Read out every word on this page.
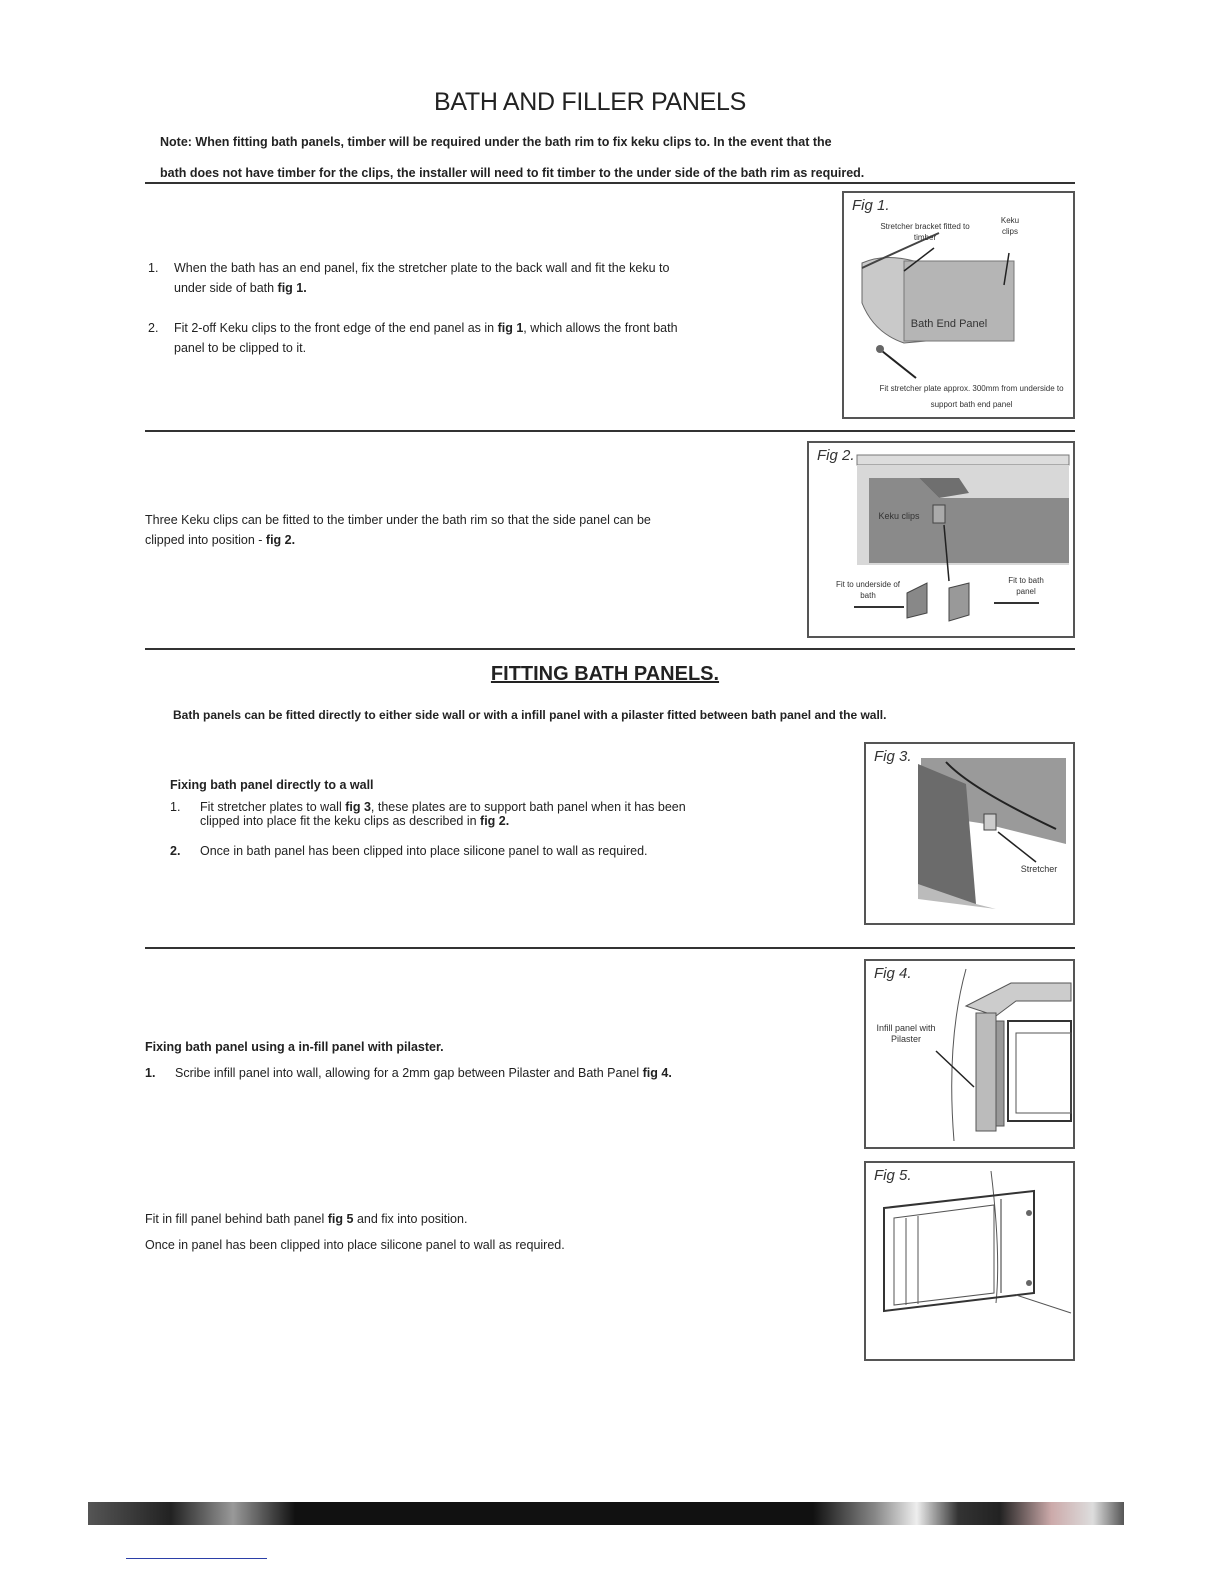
BATH AND FILLER PANELS
Note: When fitting bath panels, timber will be required under the bath rim to fix keku clips to. In the event that the
bath does not have timber for the clips, the installer will need to fit timber to the under side of the bath rim as required.
1. When the bath has an end panel, fix the stretcher plate to the back wall and fit the keku to
under side of bath fig 1.
2. Fit 2-off Keku clips to the front edge of the end panel as in fig 1, which allows the front bath
panel to be clipped to it.
Fig 1.
Stretcher bracket fitted to timber
Keku clips
Bath End Panel
Fit stretcher plate approx. 300mm from underside to support bath end panel
Three Keku clips can be fitted to the timber under the bath rim so that the side panel can be
clipped into position - fig 2.
Fig 2.
Keku clips
Fit to underside of bath
Fit to bath panel
FITTING BATH PANELS.
Bath panels can be fitted directly to either side wall or with a infill panel with a pilaster fitted between bath panel and the wall.
Fixing bath panel directly to a wall
1. Fit stretcher plates to wall fig 3, these plates are to support bath panel when it has been
clipped into place fit the keku clips as described in fig 2.
2. Once in bath panel has been clipped into place silicone panel to wall as required.
Fig 3.
Stretcher
Fixing bath panel using a in-fill panel with pilaster.
1. Scribe infill panel into wall, allowing for a 2mm gap between Pilaster and Bath Panel fig 4.
Fig 4.
Infill panel with Pilaster
Fit in fill panel behind bath panel fig 5 and fix into position.
Once in panel has been clipped into place silicone panel to wall as required.
Fig 5.
